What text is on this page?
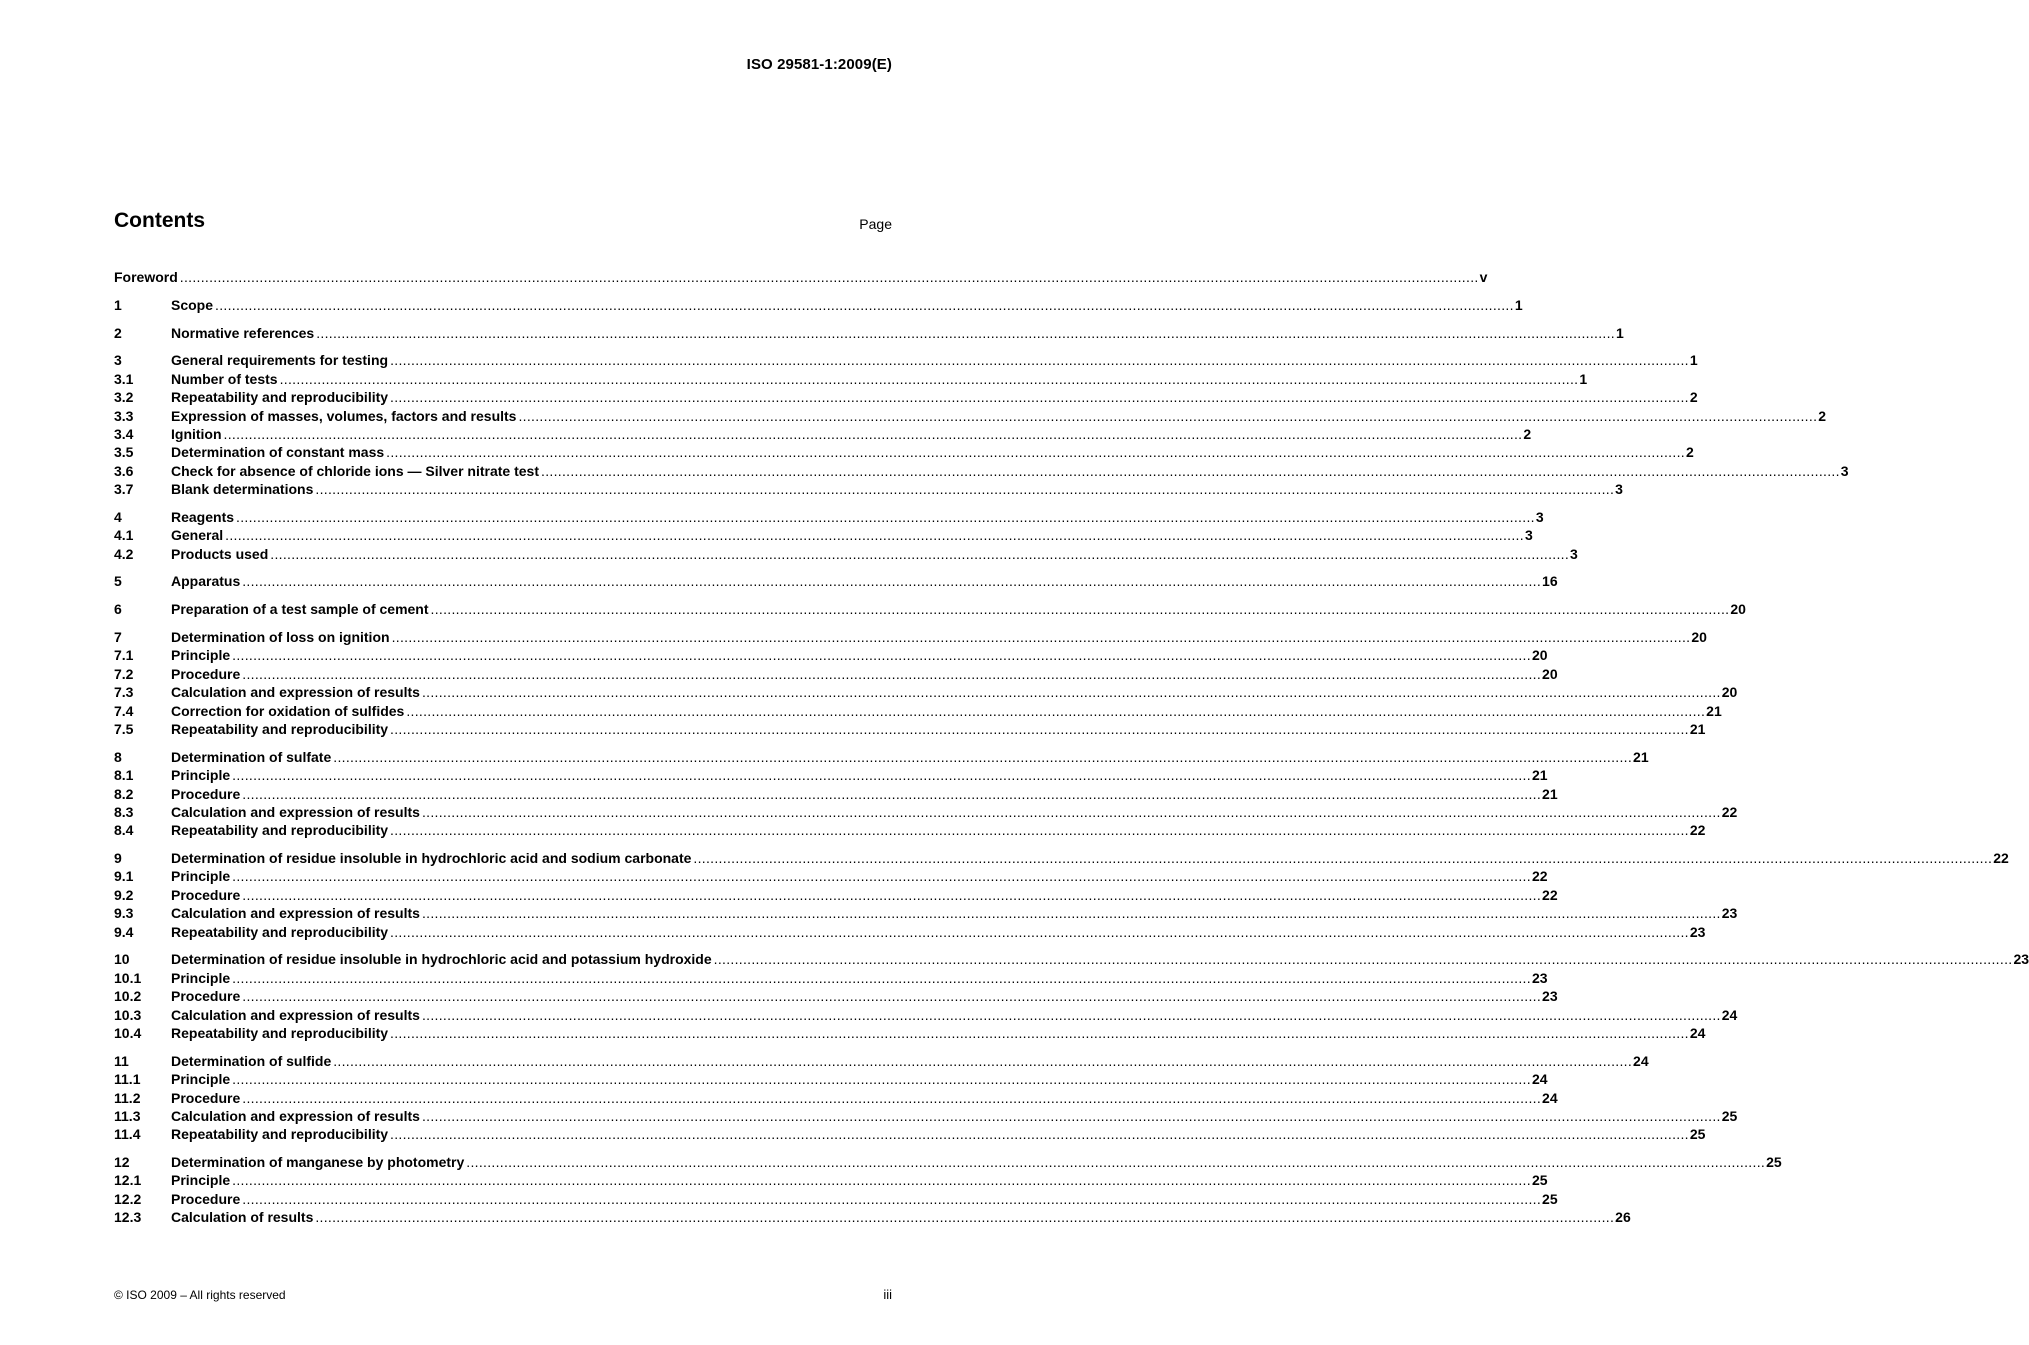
ISO 29581-1:2009(E)
Contents	Page
Foreword .....	v
1	Scope .....	1
2	Normative references .....	1
3	General requirements for testing .....	1
3.1	Number of tests .....	1
3.2	Repeatability and reproducibility .....	2
3.3	Expression of masses, volumes, factors and results .....	2
3.4	Ignition .....	2
3.5	Determination of constant mass .....	2
3.6	Check for absence of chloride ions — Silver nitrate test .....	3
3.7	Blank determinations .....	3
4	Reagents .....	3
4.1	General .....	3
4.2	Products used .....	3
5	Apparatus .....	16
6	Preparation of a test sample of cement .....	20
7	Determination of loss on ignition .....	20
7.1	Principle .....	20
7.2	Procedure .....	20
7.3	Calculation and expression of results .....	20
7.4	Correction for oxidation of sulfides .....	21
7.5	Repeatability and reproducibility .....	21
8	Determination of sulfate .....	21
8.1	Principle .....	21
8.2	Procedure .....	21
8.3	Calculation and expression of results .....	22
8.4	Repeatability and reproducibility .....	22
9	Determination of residue insoluble in hydrochloric acid and sodium carbonate .....	22
9.1	Principle .....	22
9.2	Procedure .....	22
9.3	Calculation and expression of results .....	23
9.4	Repeatability and reproducibility .....	23
10	Determination of residue insoluble in hydrochloric acid and potassium hydroxide .....	23
10.1	Principle .....	23
10.2	Procedure .....	23
10.3	Calculation and expression of results .....	24
10.4	Repeatability and reproducibility .....	24
11	Determination of sulfide .....	24
11.1	Principle .....	24
11.2	Procedure .....	24
11.3	Calculation and expression of results .....	25
11.4	Repeatability and reproducibility .....	25
12	Determination of manganese by photometry .....	25
12.1	Principle .....	25
12.2	Procedure .....	25
12.3	Calculation of results .....	26
© ISO 2009 – All rights reserved	iii
